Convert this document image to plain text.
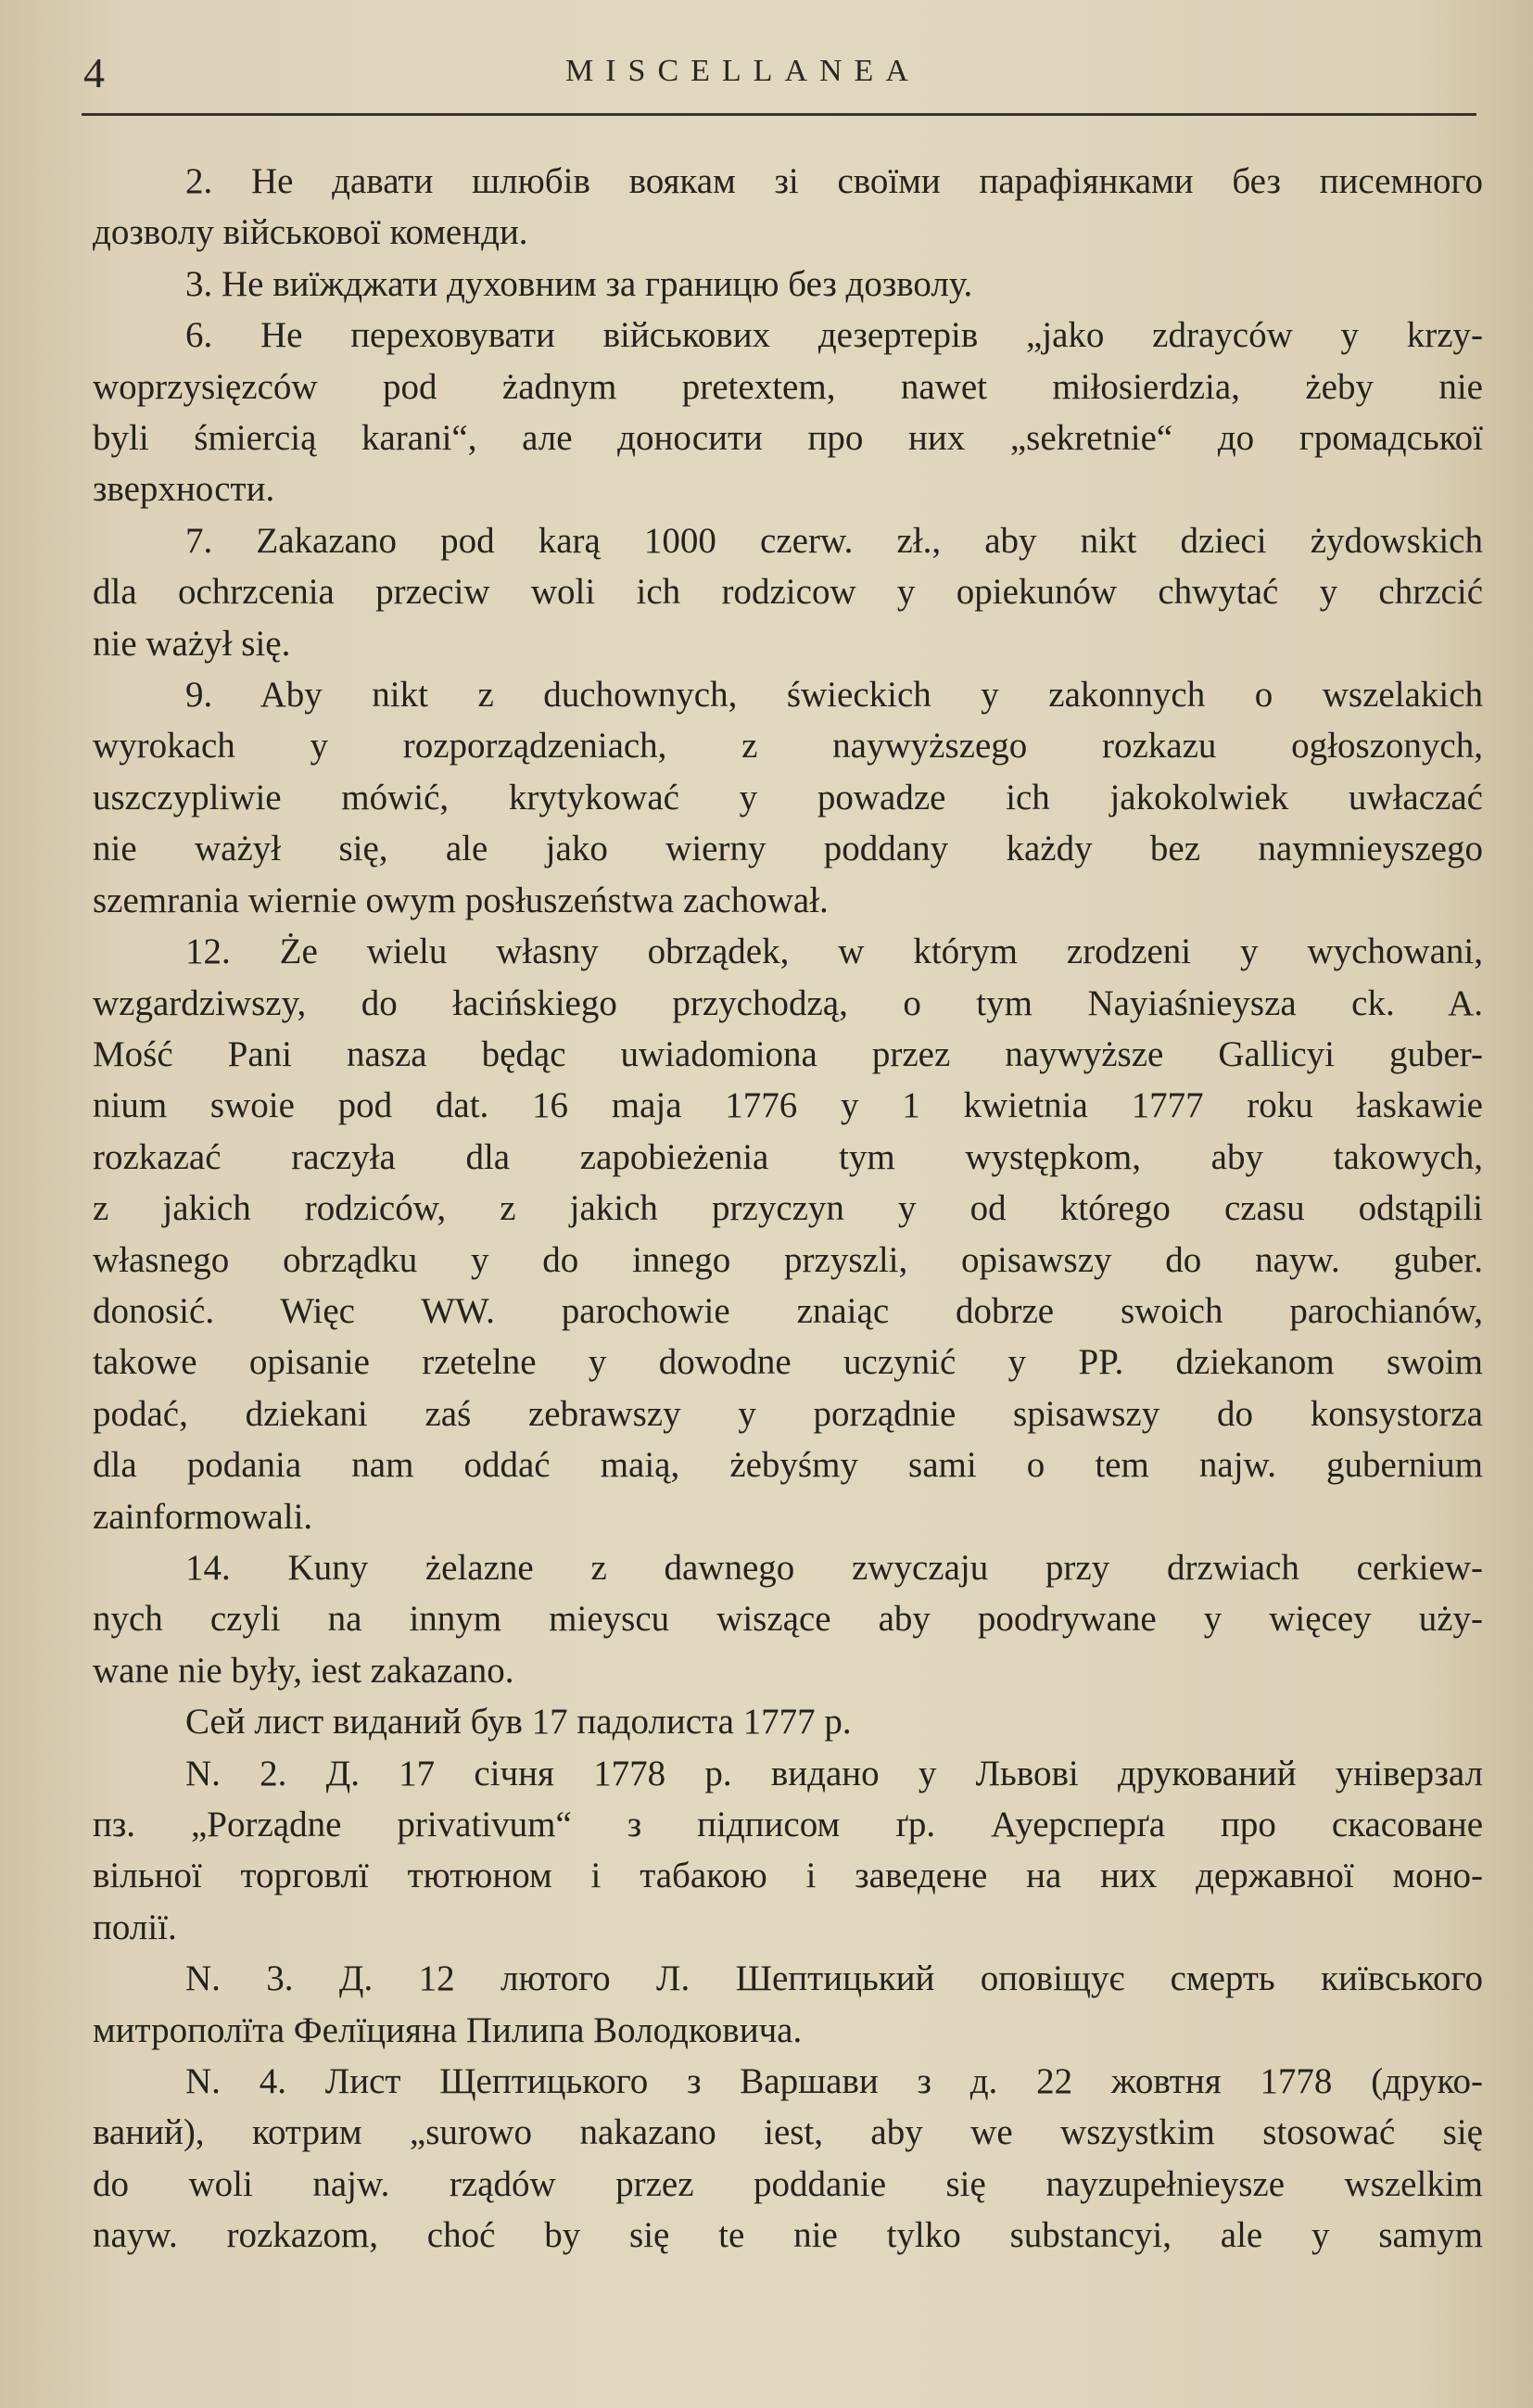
4	MISCELLANEA
2. Не давати шлюбів воякам зі своїми парафіянками без писемного
дозволу військової коменди.
3. Не виїжджати духовним за границю без дозволу.
6. Не переховувати військових дезертерів „jako zdrayców y krzy-
woprzysięzców pod żadnym pretextem, nawet miłosierdzia, żeby nie
byli śmiercią karani“, але доносити про них „sekretnie“ до громадської
зверхности.
7. Zakazano pod karą 1000 czerw. zł., aby nikt dzieci żydowskich
dla ochrzcenia przeciw woli ich rodzicow y opiekunów chwytać y chrzcić
nie ważył się.
9. Aby nikt z duchownych, świeckich y zakonnych o wszelakich
wyrokach y rozporządzeniach, z naywyższego rozkazu ogłoszonych,
uszczypliwie mówić, krytykować y powadze ich jakokolwiek uwłaczać
nie ważył się, ale jako wierny poddany każdy bez naymnieyszego
szemrania wiernie owym posłuszeństwa zachował.
12. Że wielu własny obrządek, w którym zrodzeni y wychowani,
wzgardziwszy, do łacińskiego przychodzą, o tym Nayiaśnieysza ck. A.
Mość Pani nasza będąc uwiadomiona przez naywyższe Gallicyi guber-
nium swoie pod dat. 16 maja 1776 y 1 kwietnia 1777 roku łaskawie
rozkazać raczyła dla zapobieżenia tym występkom, aby takowych,
z jakich rodziców, z jakich przyczyn y od którego czasu odstąpili
własnego obrządku y do innego przyszli, opisawszy do nayw. guber.
donosić. Więc WW. parochowie znaiąc dobrze swoich parochianów,
takowe opisanie rzetelne y dowodne uczynić y PP. dziekanom swoim
podać, dziekani zaś zebrawszy y porządnie spisawszy do konsystorza
dla podania nam oddać maią, żebyśmy sami o tem najw. gubernium
zainformowali.
14. Kuny żelazne z dawnego zwyczaju przy drzwiach cerkiew-
nych czyli na innym mieyscu wiszące aby poodrywane y więcey uży-
wane nie były, iest zakazano.
Сей лист виданий був 17 падолиста 1777 р.
N. 2. Д. 17 січня 1778 р. видано у Львові друкований універзал
пз. „Porządne privativum“ з підписом ґр. Ауерсперґа про скасоване
вільної торговлї тютюном і табакою і заведене на них державної моно-
полії.
N. 3. Д. 12 лютого Л. Шептицький оповіщує смерть київського
митрополїта Фелїцияна Пилипа Володковича.
N. 4. Лист Щептицького з Варшави з д. 22 жовтня 1778 (друко-
ваний), котрим „surowo nakazano iest, aby we wszystkim stosować się
do woli najw. rządów przez poddanie się nayzupełnieysze wszelkim
nayw. rozkazom, choć by się te nie tylko substancyi, ale y samym
